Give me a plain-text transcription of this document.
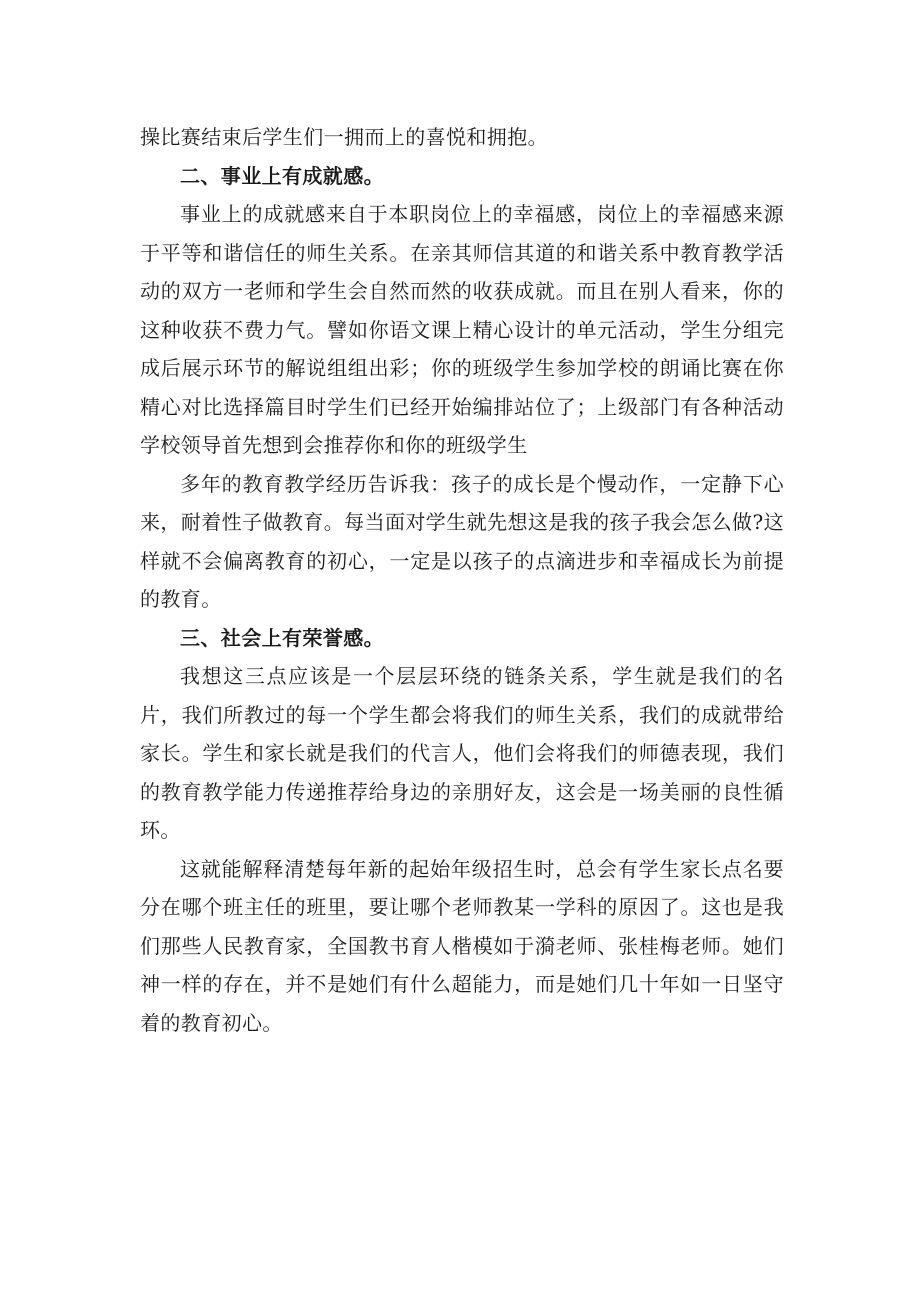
操比赛结束后学生们一拥而上的喜悦和拥抱。

二、事业上有成就感。

事业上的成就感来自于本职岗位上的幸福感，岗位上的幸福感来源于平等和谐信任的师生关系。在亲其师信其道的和谐关系中教育教学活动的双方一老师和学生会自然而然的收获成就。而且在别人看来，你的这种收获不费力气。譬如你语文课上精心设计的单元活动，学生分组完成后展示环节的解说组组出彩；你的班级学生参加学校的朗诵比赛在你精心对比选择篇目时学生们已经开始编排站位了；上级部门有各种活动学校领导首先想到会推荐你和你的班级学生

多年的教育教学经历告诉我：孩子的成长是个慢动作，一定静下心来，耐着性子做教育。每当面对学生就先想这是我的孩子我会怎么做?这样就不会偏离教育的初心，一定是以孩子的点滴进步和幸福成长为前提的教育。

三、社会上有荣誉感。

我想这三点应该是一个层层环绕的链条关系，学生就是我们的名片，我们所教过的每一个学生都会将我们的师生关系，我们的成就带给家长。学生和家长就是我们的代言人，他们会将我们的师德表现，我们的教育教学能力传递推荐给身边的亲朋好友，这会是一场美丽的良性循环。

这就能解释清楚每年新的起始年级招生时，总会有学生家长点名要分在哪个班主任的班里，要让哪个老师教某一学科的原因了。这也是我们那些人民教育家，全国教书育人楷模如于漪老师、张桂梅老师。她们神一样的存在，并不是她们有什么超能力，而是她们几十年如一日坚守着的教育初心。
